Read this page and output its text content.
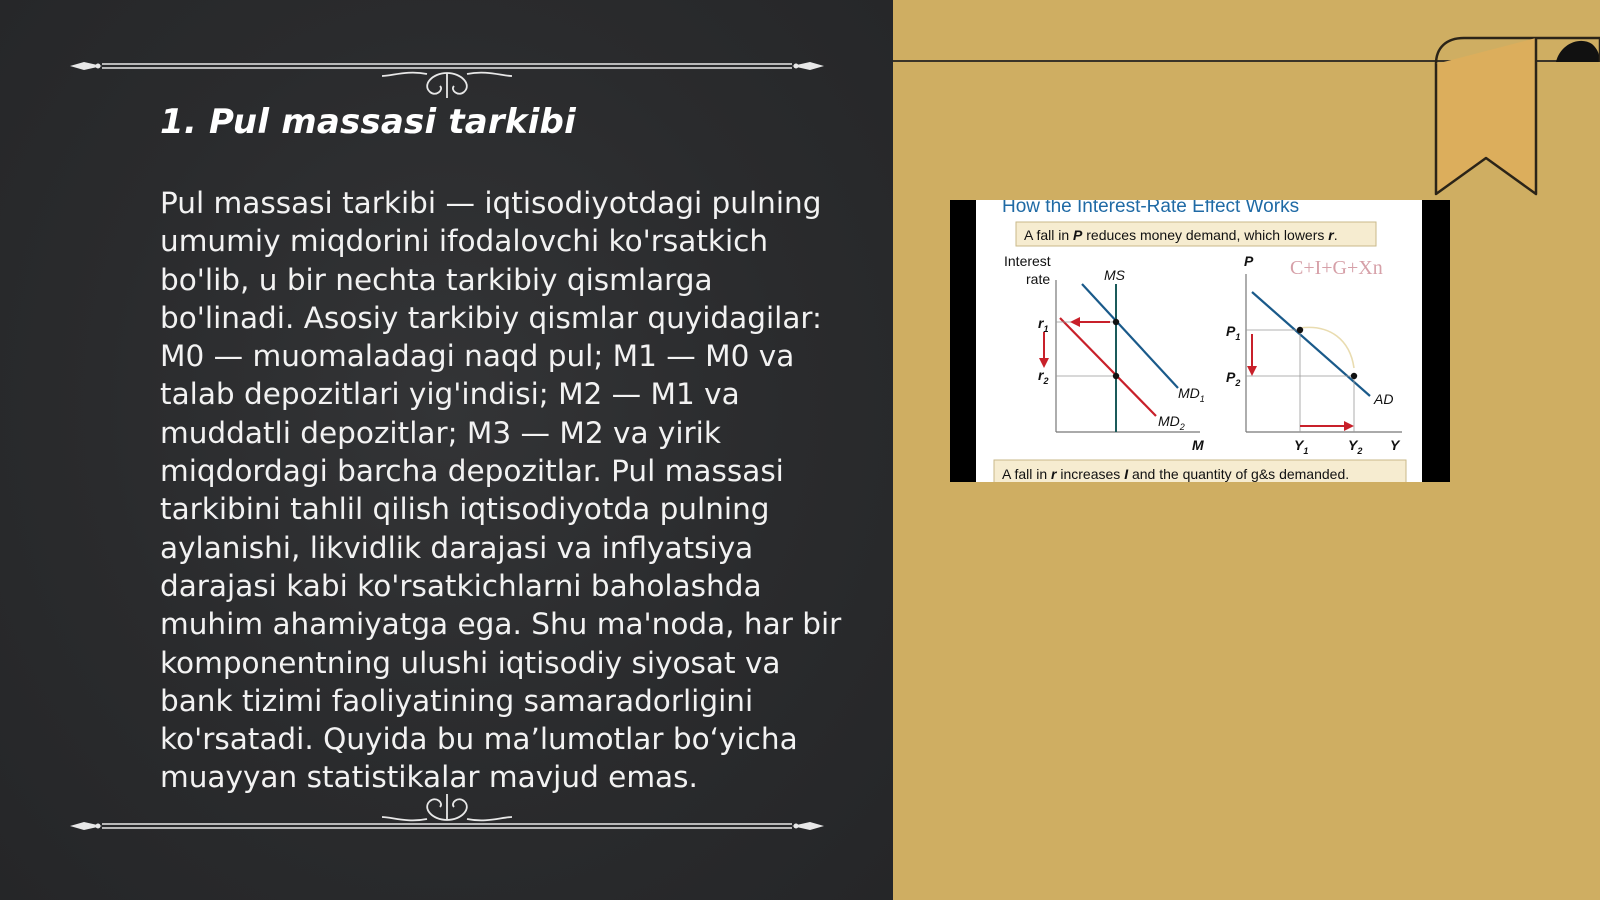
1. Pul massasi tarkibi

Pul massasi tarkibi — iqtisodiyotdagi pulning umumiy miqdorini ifodalovchi ko'rsatkich bo'lib, u bir nechta tarkibiy qismlarga bo'linadi. Asosiy tarkibiy qismlar quyidagilar: M0 — muomaladagi naqd pul; M1 — M0 va talab depozitlari yig'indisi; M2 — M1 va muddatli depozitlar; M3 — M2 va yirik miqdordagi barcha depozitlar. Pul massasi tarkibini tahlil qilish iqtisodiyotda pulning aylanishi, likvidlik darajasi va inflyatsiya darajasi kabi ko'rsatkichlarni baholashda muhim ahamiyatga ega. Shu ma'noda, har bir komponentning ulushi iqtisodiy siyosat va bank tizimi faoliyatining samaradorligini ko'rsatadi. Quyida bu ma’lumotlar bo‘yicha muayyan statistikalar mavjud emas.

How the Interest-Rate Effect Works
A fall in P reduces money demand, which lowers r.
Interest
rate
M
MS
$MD_1$
$MD_2$
$r_1$
$r_2$
P
Y
C+I+G+Xn
AD
$P_1$
$P_2$
$Y_1$	$Y_2$
A fall in r increases I and the quantity of g&s demanded.
